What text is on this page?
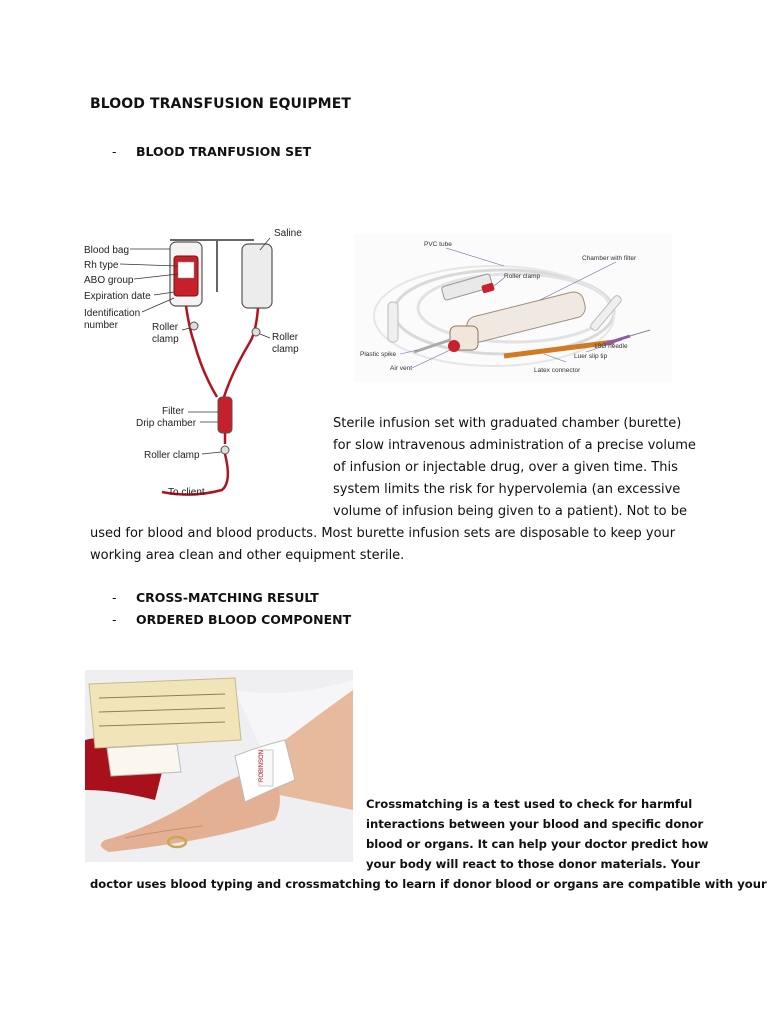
BLOOD TRANSFUSION EQUIPMET
- BLOOD TRANFUSION SET
Blood bag
Rh type
ABO group
Expiration date
Identification
number	Roller
clamp
Saline
Roller
clamp
Filter
Drip chamber
Roller clamp
To client
PVC tube
Chamber with filter
Roller clamp
18G needle
Luer slip tip
Plastic spike
Air vent	Latex connector
Sterile infusion set with graduated chamber (burette)
for slow intravenous administration of a precise volume
of infusion or injectable drug, over a given time. This
system limits the risk for hypervolemia (an excessive
volume of infusion being given to a patient). Not to be
used for blood and blood products. Most burette infusion sets are disposable to keep your
working area clean and other equipment sterile.
- CROSS-MATCHING RESULT
- ORDERED BLOOD COMPONENT
ROBINSON
Crossmatching is a test used to check for harmful
interactions between your blood and specific donor
blood or organs. It can help your doctor predict how
your body will react to those donor materials. Your
doctor uses blood typing and crossmatching to learn if donor blood or organs are compatible with your
